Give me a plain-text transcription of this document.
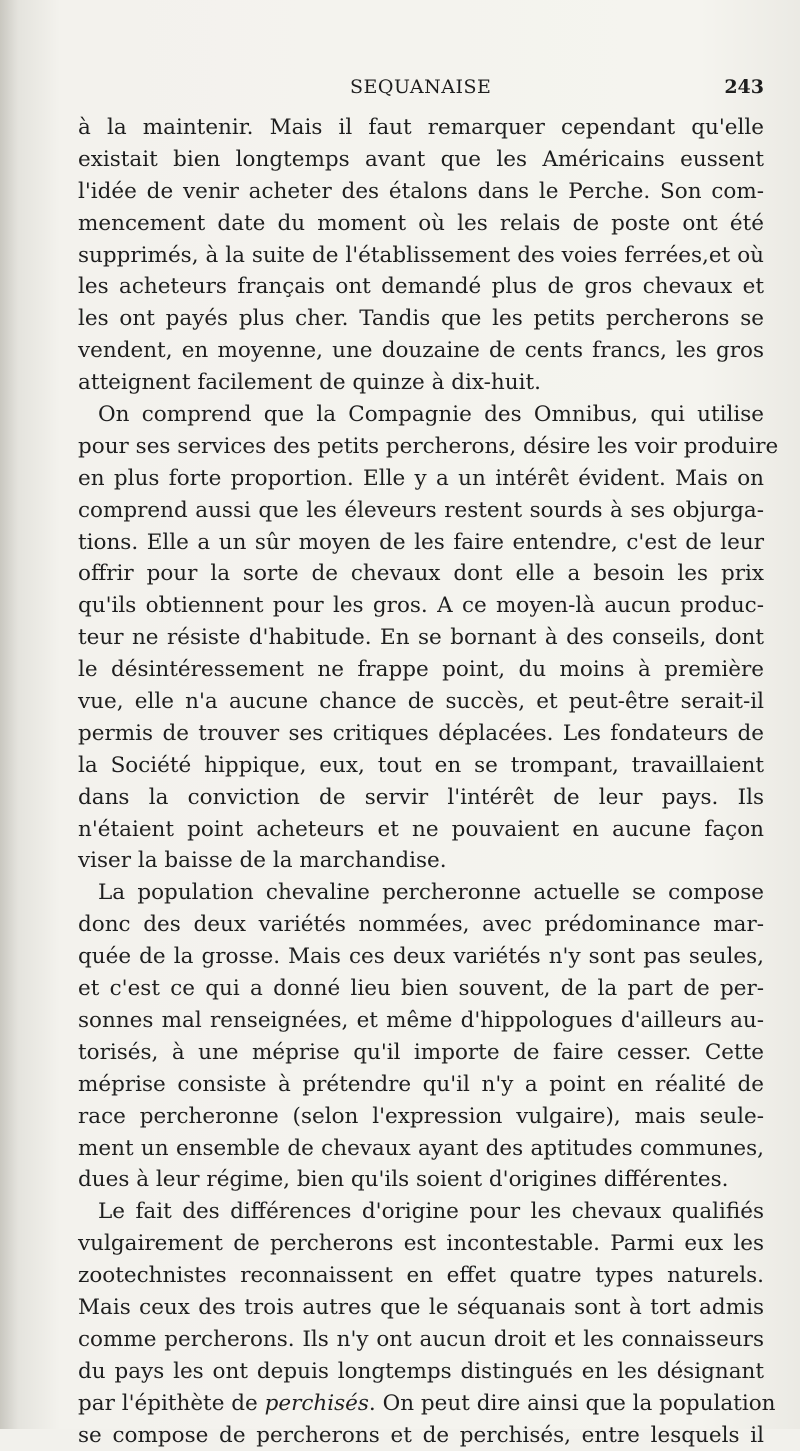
SEQUANAISE	243
à la maintenir. Mais il faut remarquer cependant qu'elle
existait bien longtemps avant que les Américains eussent
l'idée de venir acheter des étalons dans le Perche. Son com-
mencement date du moment où les relais de poste ont été
supprimés, à la suite de l'établissement des voies ferrées,et où
les acheteurs français ont demandé plus de gros chevaux et
les ont payés plus cher. Tandis que les petits percherons se
vendent, en moyenne, une douzaine de cents francs, les gros
atteignent facilement de quinze à dix-huit.
On comprend que la Compagnie des Omnibus, qui utilise
pour ses services des petits percherons, désire les voir produire
en plus forte proportion. Elle y a un intérêt évident. Mais on
comprend aussi que les éleveurs restent sourds à ses objurga-
tions. Elle a un sûr moyen de les faire entendre, c'est de leur
offrir pour la sorte de chevaux dont elle a besoin les prix
qu'ils obtiennent pour les gros. A ce moyen-là aucun produc-
teur ne résiste d'habitude. En se bornant à des conseils, dont
le désintéressement ne frappe point, du moins à première
vue, elle n'a aucune chance de succès, et peut-être serait-il
permis de trouver ses critiques déplacées. Les fondateurs de
la Société hippique, eux, tout en se trompant, travaillaient
dans la conviction de servir l'intérêt de leur pays. Ils
n'étaient point acheteurs et ne pouvaient en aucune façon
viser la baisse de la marchandise.
La population chevaline percheronne actuelle se compose
donc des deux variétés nommées, avec prédominance mar-
quée de la grosse. Mais ces deux variétés n'y sont pas seules,
et c'est ce qui a donné lieu bien souvent, de la part de per-
sonnes mal renseignées, et même d'hippologues d'ailleurs au-
torisés, à une méprise qu'il importe de faire cesser. Cette
méprise consiste à prétendre qu'il n'y a point en réalité de
race percheronne (selon l'expression vulgaire), mais seule-
ment un ensemble de chevaux ayant des aptitudes communes,
dues à leur régime, bien qu'ils soient d'origines différentes.
Le fait des différences d'origine pour les chevaux qualifiés
vulgairement de percherons est incontestable. Parmi eux les
zootechnistes reconnaissent en effet quatre types naturels.
Mais ceux des trois autres que le séquanais sont à tort admis
comme percherons. Ils n'y ont aucun droit et les connaisseurs
du pays les ont depuis longtemps distingués en les désignant
par l'épithète de perchisés. On peut dire ainsi que la population
se compose de percherons et de perchisés, entre lesquels il
